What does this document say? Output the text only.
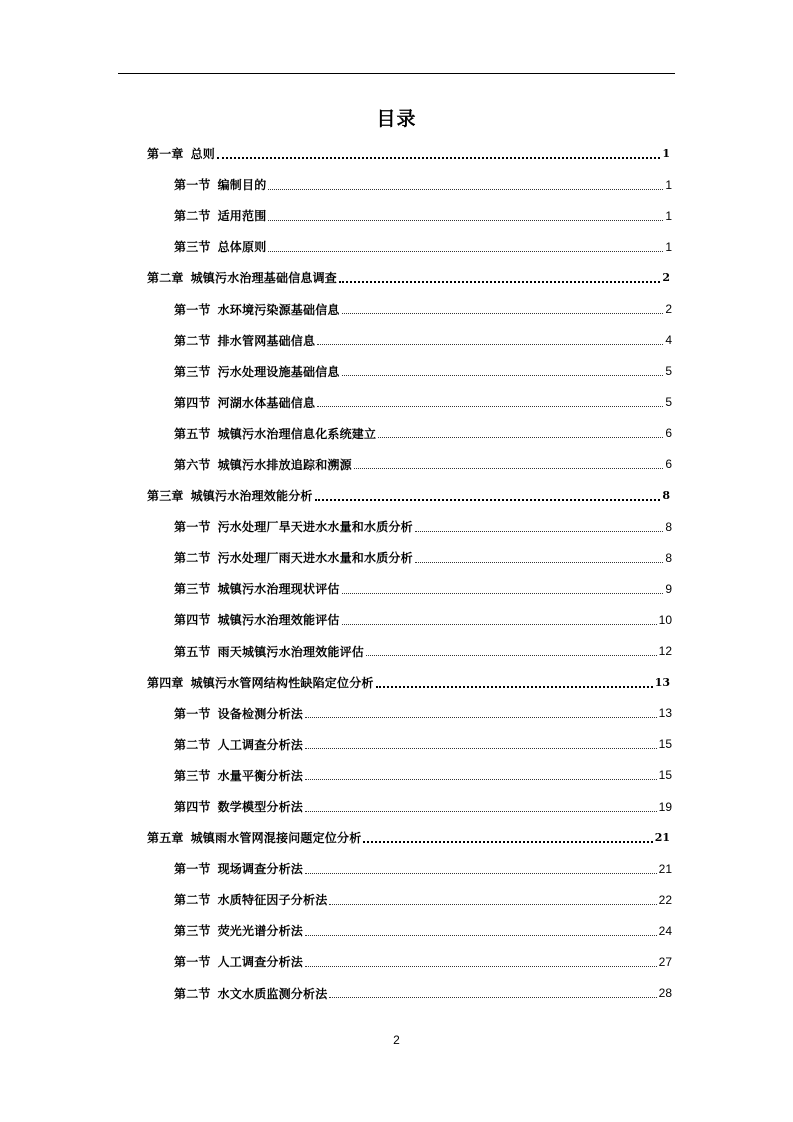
目录
第一章 总则	1
第一节 编制目的	1
第二节 适用范围	1
第三节 总体原则	1
第二章 城镇污水治理基础信息调查	2
第一节 水环境污染源基础信息	2
第二节 排水管网基础信息	4
第三节 污水处理设施基础信息	5
第四节 河湖水体基础信息	5
第五节 城镇污水治理信息化系统建立	6
第六节 城镇污水排放追踪和溯源	6
第三章 城镇污水治理效能分析	8
第一节 污水处理厂旱天进水水量和水质分析	8
第二节 污水处理厂雨天进水水量和水质分析	8
第三节 城镇污水治理现状评估	9
第四节 城镇污水治理效能评估	10
第五节 雨天城镇污水治理效能评估	12
第四章 城镇污水管网结构性缺陷定位分析	13
第一节 设备检测分析法	13
第二节 人工调查分析法	15
第三节 水量平衡分析法	15
第四节 数学模型分析法	19
第五章 城镇雨水管网混接问题定位分析	21
第一节 现场调查分析法	21
第二节 水质特征因子分析法	22
第三节 荧光光谱分析法	24
第一节 人工调查分析法	27
第二节 水文水质监测分析法	28
2
